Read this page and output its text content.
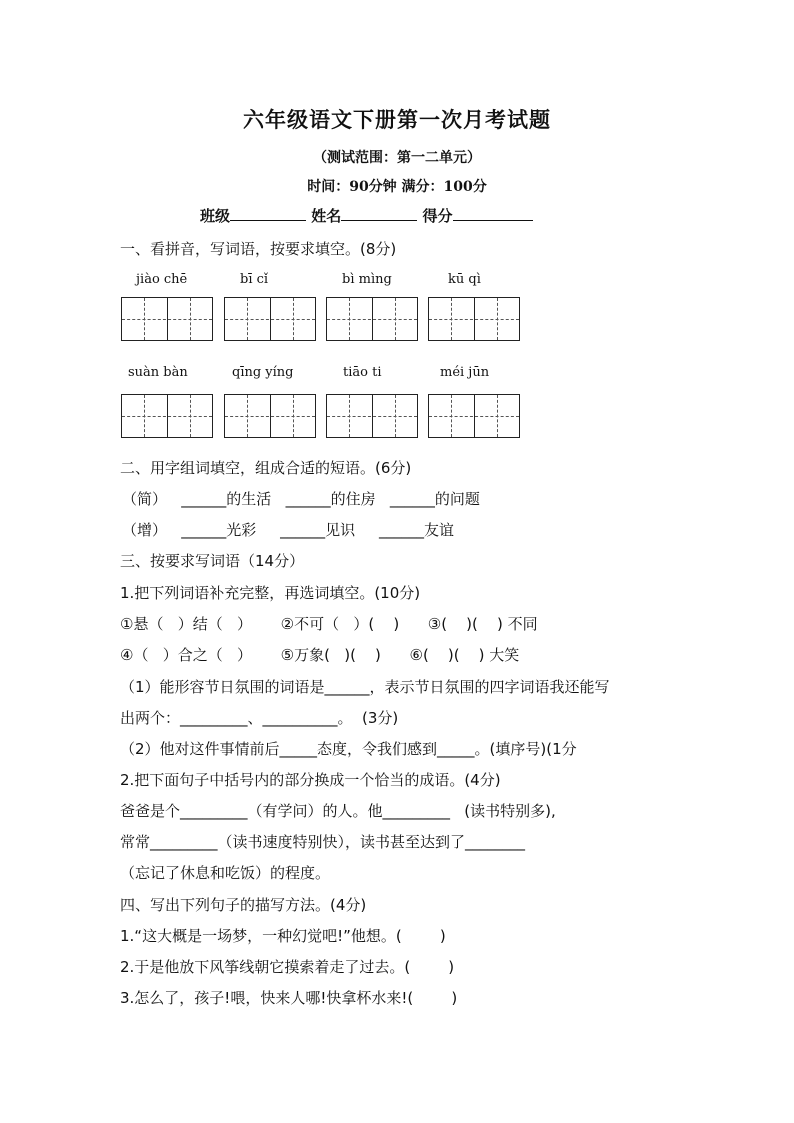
六年级语文下册第一次月考试题
（测试范围：第一二单元）
时间：90分钟 满分：100分
班级	姓名	得分
一、看拼音，写词语，按要求填空。(8分)
jiào chē	bī cǐ	bì mìng	kū qì
suàn bàn	qīng yíng	tiāo ti	méi jūn
二、用字组词填空，组成合适的短语。(6分)
（简）   ______的生活   ______的住房   ______的问题
（增）   ______光彩     ______见识     ______友谊
三、按要求写词语（14分）
1.把下列词语补充完整，再选词填空。(10分)
①悬（   ）结（   ）      ②不可（   ）(    )      ③(    )(    ) 不同
④（   ）合之（   ）      ⑤万象(   )(    )      ⑥(    )(    ) 大笑
（1）能形容节日氛围的词语是______，表示节日氛围的四字词语我还能写
出两个：_________、__________。  (3分)
（2）他对这件事情前后_____态度，令我们感到_____。(填序号)(1分
2.把下面句子中括号内的部分换成一个恰当的成语。(4分)
爸爸是个_________（有学问）的人。他_________   (读书特别多),
常常_________（读书速度特别快），读书甚至达到了________
（忘记了休息和吃饭）的程度。
四、写出下列句子的描写方法。(4分)
1.“这大概是一场梦，一种幻觉吧!”他想。(        )
2.于是他放下风筝线朝它摸索着走了过去。(        )
3.怎么了，孩子!喂，快来人哪!快拿杯水来!(        )
